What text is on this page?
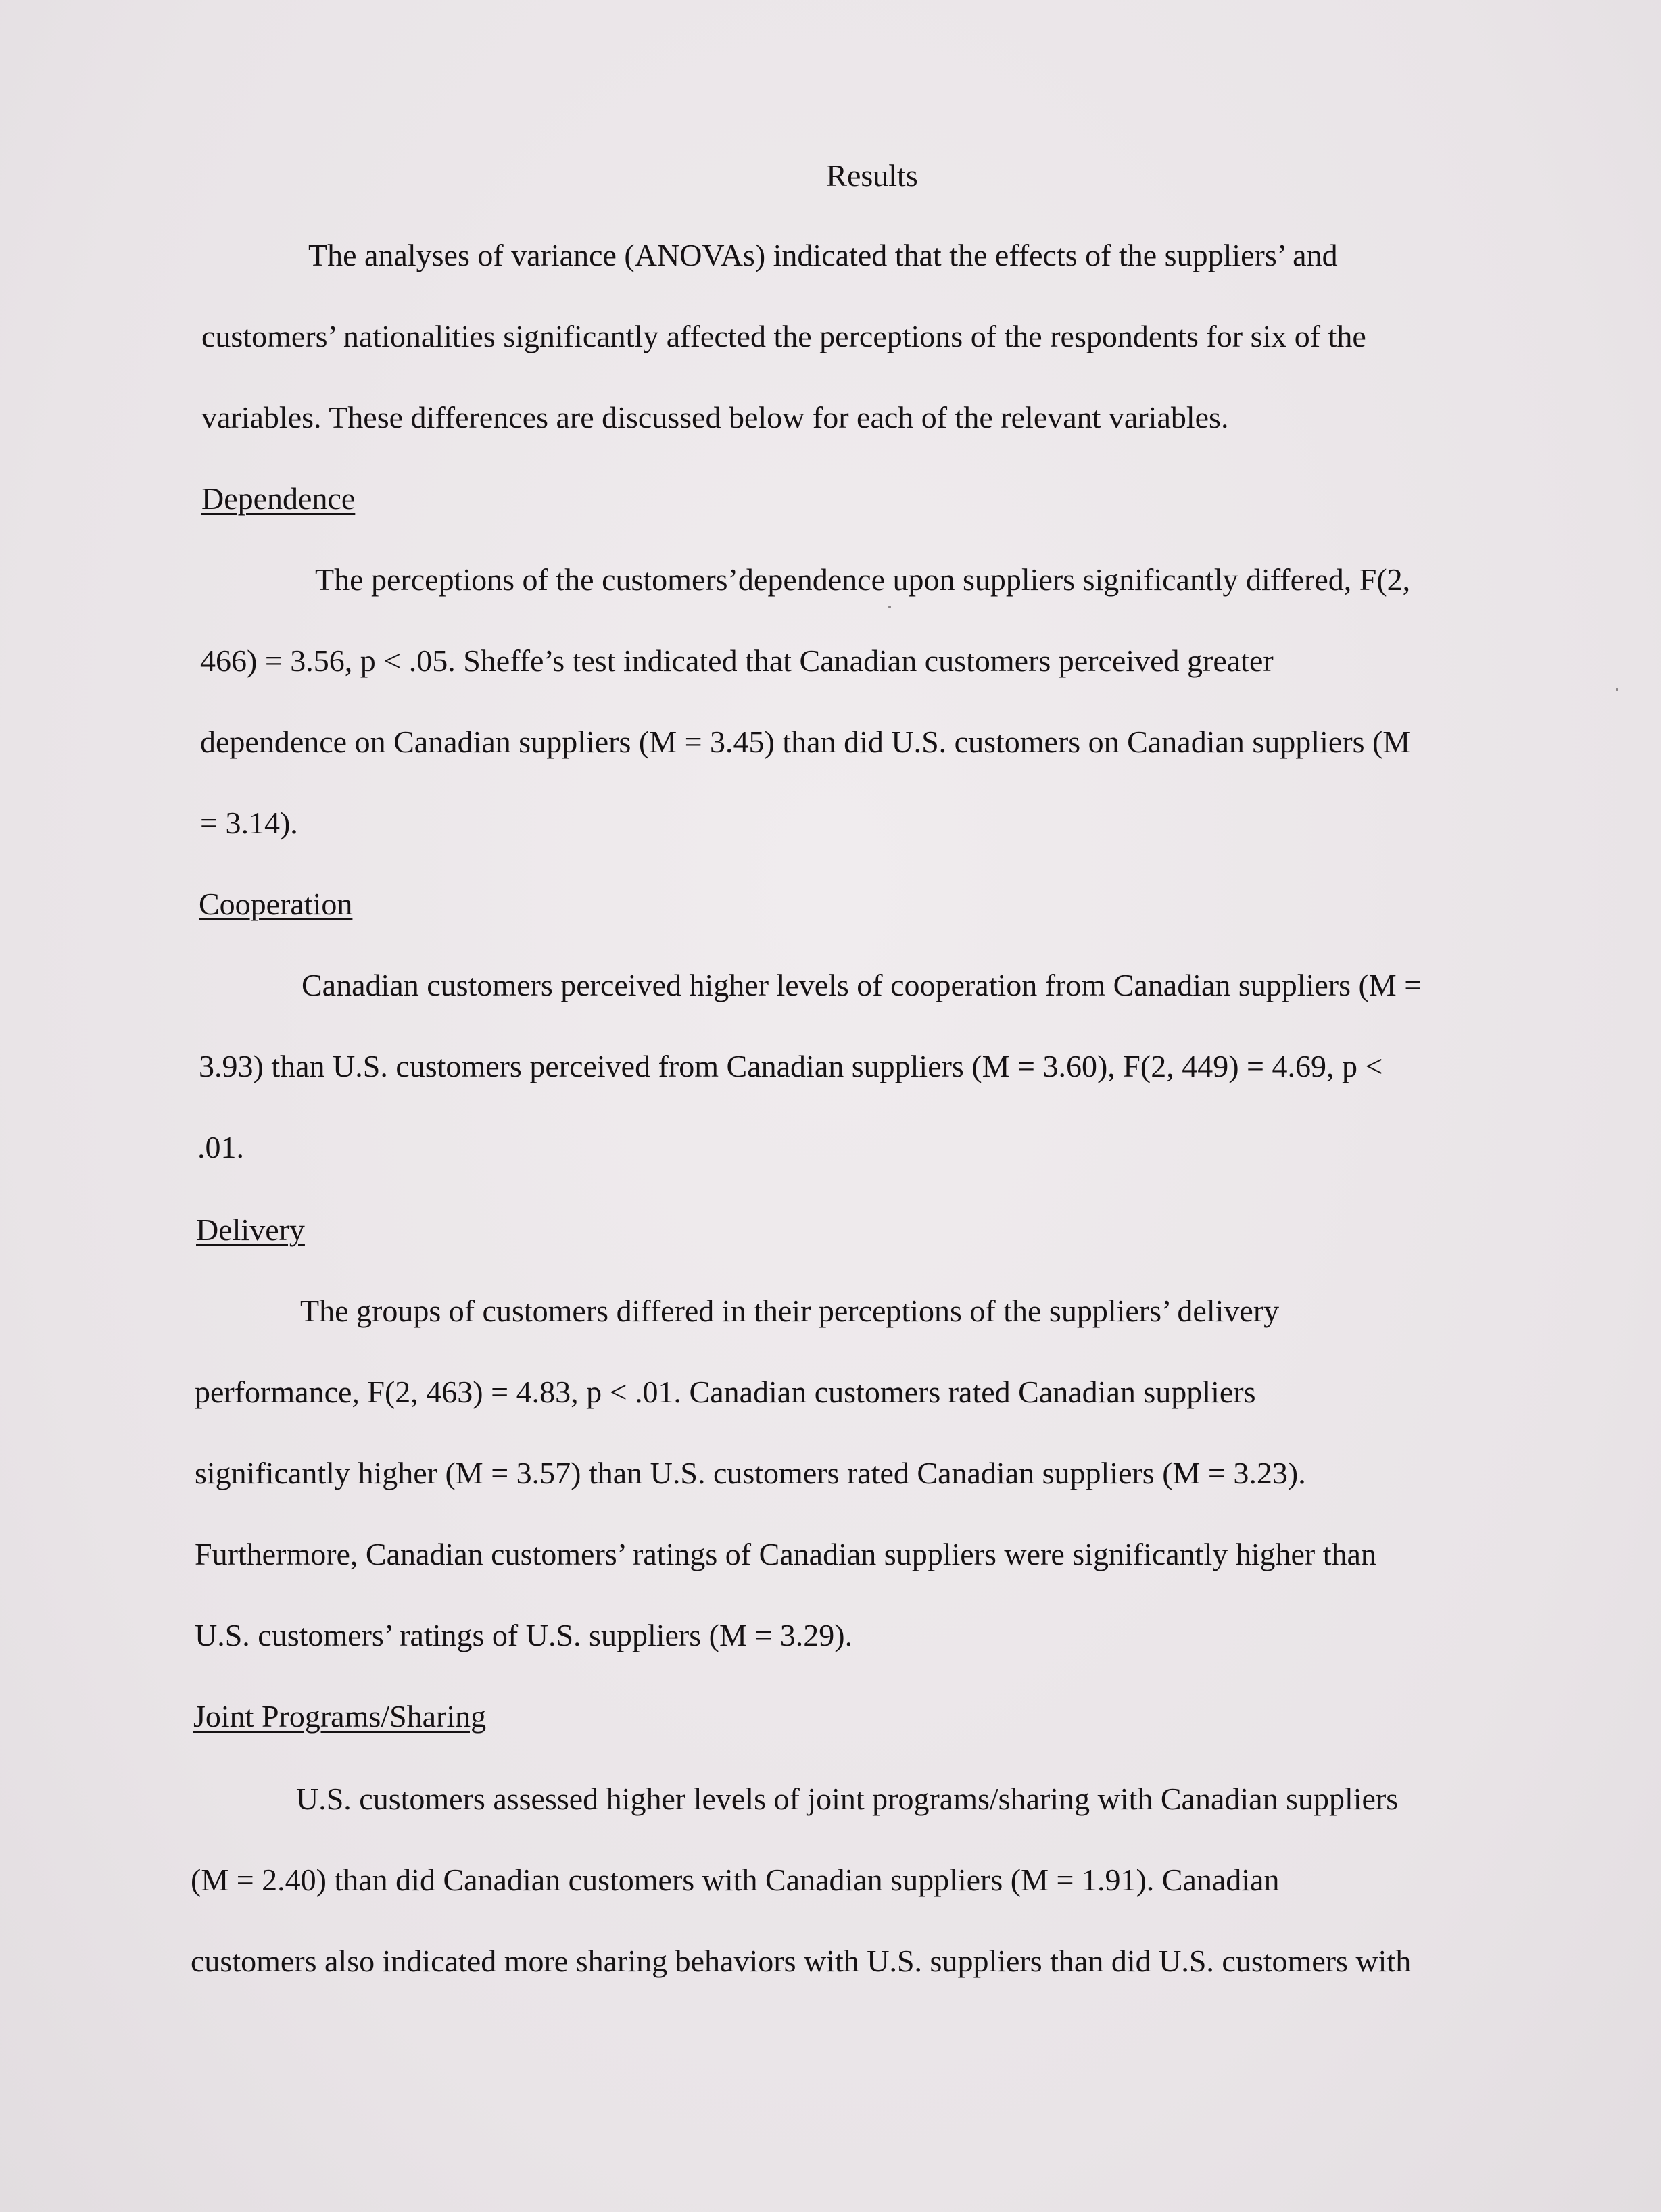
Results
The analyses of variance (ANOVAs) indicated that the effects of the suppliers’ and
customers’ nationalities significantly affected the perceptions of the respondents for six of the
variables. These differences are discussed below for each of the relevant variables.
Dependence
The perceptions of the customers’dependence upon suppliers significantly differed, F(2,
466) = 3.56, p < .05. Sheffe’s test indicated that Canadian customers perceived greater
dependence on Canadian suppliers (M = 3.45) than did U.S. customers on Canadian suppliers (M
= 3.14).
Cooperation
Canadian customers perceived higher levels of cooperation from Canadian suppliers (M =
3.93) than U.S. customers perceived from Canadian suppliers (M = 3.60), F(2, 449) = 4.69, p <
.01.
Delivery
The groups of customers differed in their perceptions of the suppliers’ delivery
performance, F(2, 463) = 4.83, p < .01. Canadian customers rated Canadian suppliers
significantly higher (M = 3.57) than U.S. customers rated Canadian suppliers (M = 3.23).
Furthermore, Canadian customers’ ratings of Canadian suppliers were significantly higher than
U.S. customers’ ratings of U.S. suppliers (M = 3.29).
Joint Programs/Sharing
U.S. customers assessed higher levels of joint programs/sharing with Canadian suppliers
(M = 2.40) than did Canadian customers with Canadian suppliers (M = 1.91). Canadian
customers also indicated more sharing behaviors with U.S. suppliers than did U.S. customers with
